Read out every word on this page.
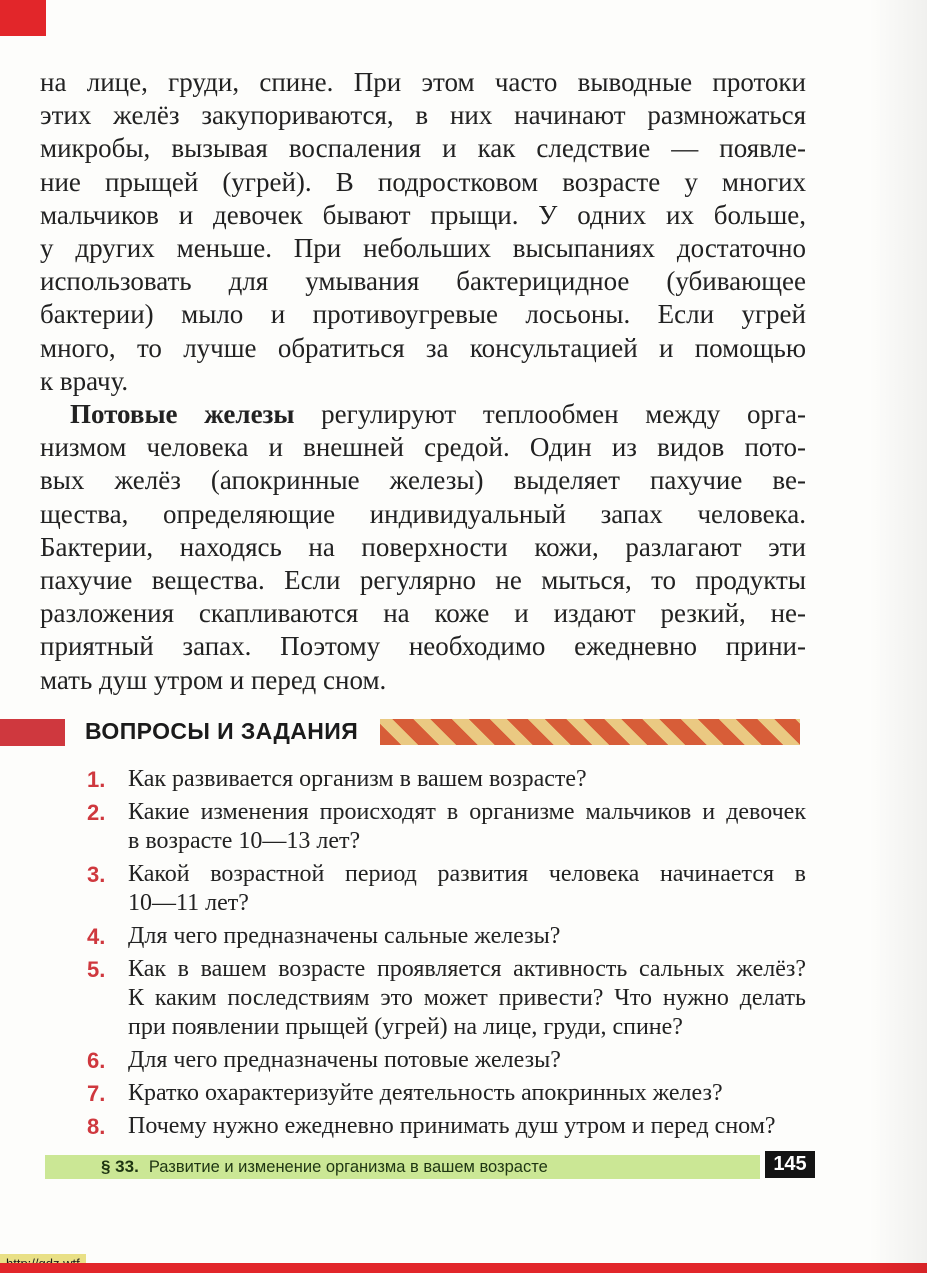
на лице, груди, спине. При этом часто выводные протоки
этих желёз закупориваются, в них начинают размножаться
микробы, вызывая воспаления и как следствие — появле-
ние прыщей (угрей). В подростковом возрасте у многих
мальчиков и девочек бывают прыщи. У одних их больше,
у других меньше. При небольших высыпаниях достаточно
использовать для умывания бактерицидное (убивающее
бактерии) мыло и противоугревые лосьоны. Если угрей
много, то лучше обратиться за консультацией и помощью
к врачу.
Потовые железы регулируют теплообмен между орга-
низмом человека и внешней средой. Один из видов пото-
вых желёз (апокринные железы) выделяет пахучие ве-
щества, определяющие индивидуальный запах человека.
Бактерии, находясь на поверхности кожи, разлагают эти
пахучие вещества. Если регулярно не мыться, то продукты
разложения скапливаются на коже и издают резкий, не-
приятный запах. Поэтому необходимо ежедневно прини-
мать душ утром и перед сном.
ВОПРОСЫ И ЗАДАНИЯ
1. Как развивается организм в вашем возрасте?
2. Какие изменения происходят в организме мальчиков и девочек
в возрасте 10—13 лет?
3. Какой возрастной период развития человека начинается в
10—11 лет?
4. Для чего предназначены сальные железы?
5. Как в вашем возрасте проявляется активность сальных желёз?
К каким последствиям это может привести? Что нужно делать
при появлении прыщей (угрей) на лице, груди, спине?
6. Для чего предназначены потовые железы?
7. Кратко охарактеризуйте деятельность апокринных желез?
8. Почему нужно ежедневно принимать душ утром и перед сном?
§ 33. Развитие и изменение организма в вашем возрасте	145
